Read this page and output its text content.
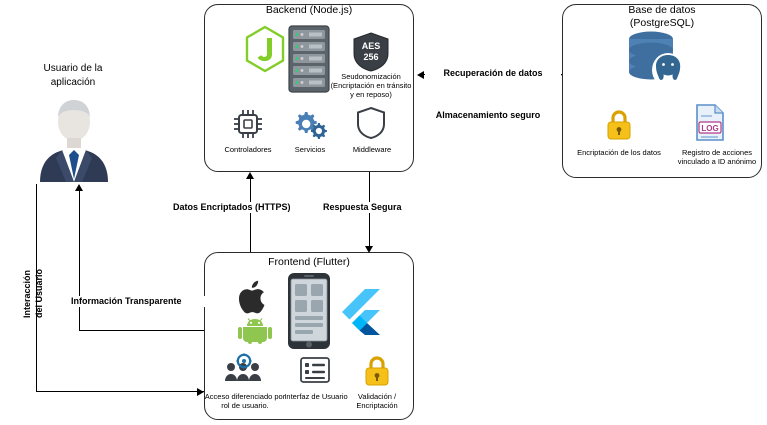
Backend (Node.js)
AES
256
Seudonomización
(Encriptación en tránsito
y en reposo)
Controladores	Servicios	Middleware
Base de datos
(PostgreSQL)
Encriptación de los datos
LOG
Registro de acciones
vinculado a ID anónimo
Frontend (Flutter)
Acceso diferenciado por
rol de usuario.
Interfaz de Usuario	Validación /
Encriptación
Usuario de la
aplicación
Recuperación de datos
Almacenamiento seguro
Datos Encriptados (HTTPS)	Respuesta Segura
Interacción del Usuario	Información Transparente
